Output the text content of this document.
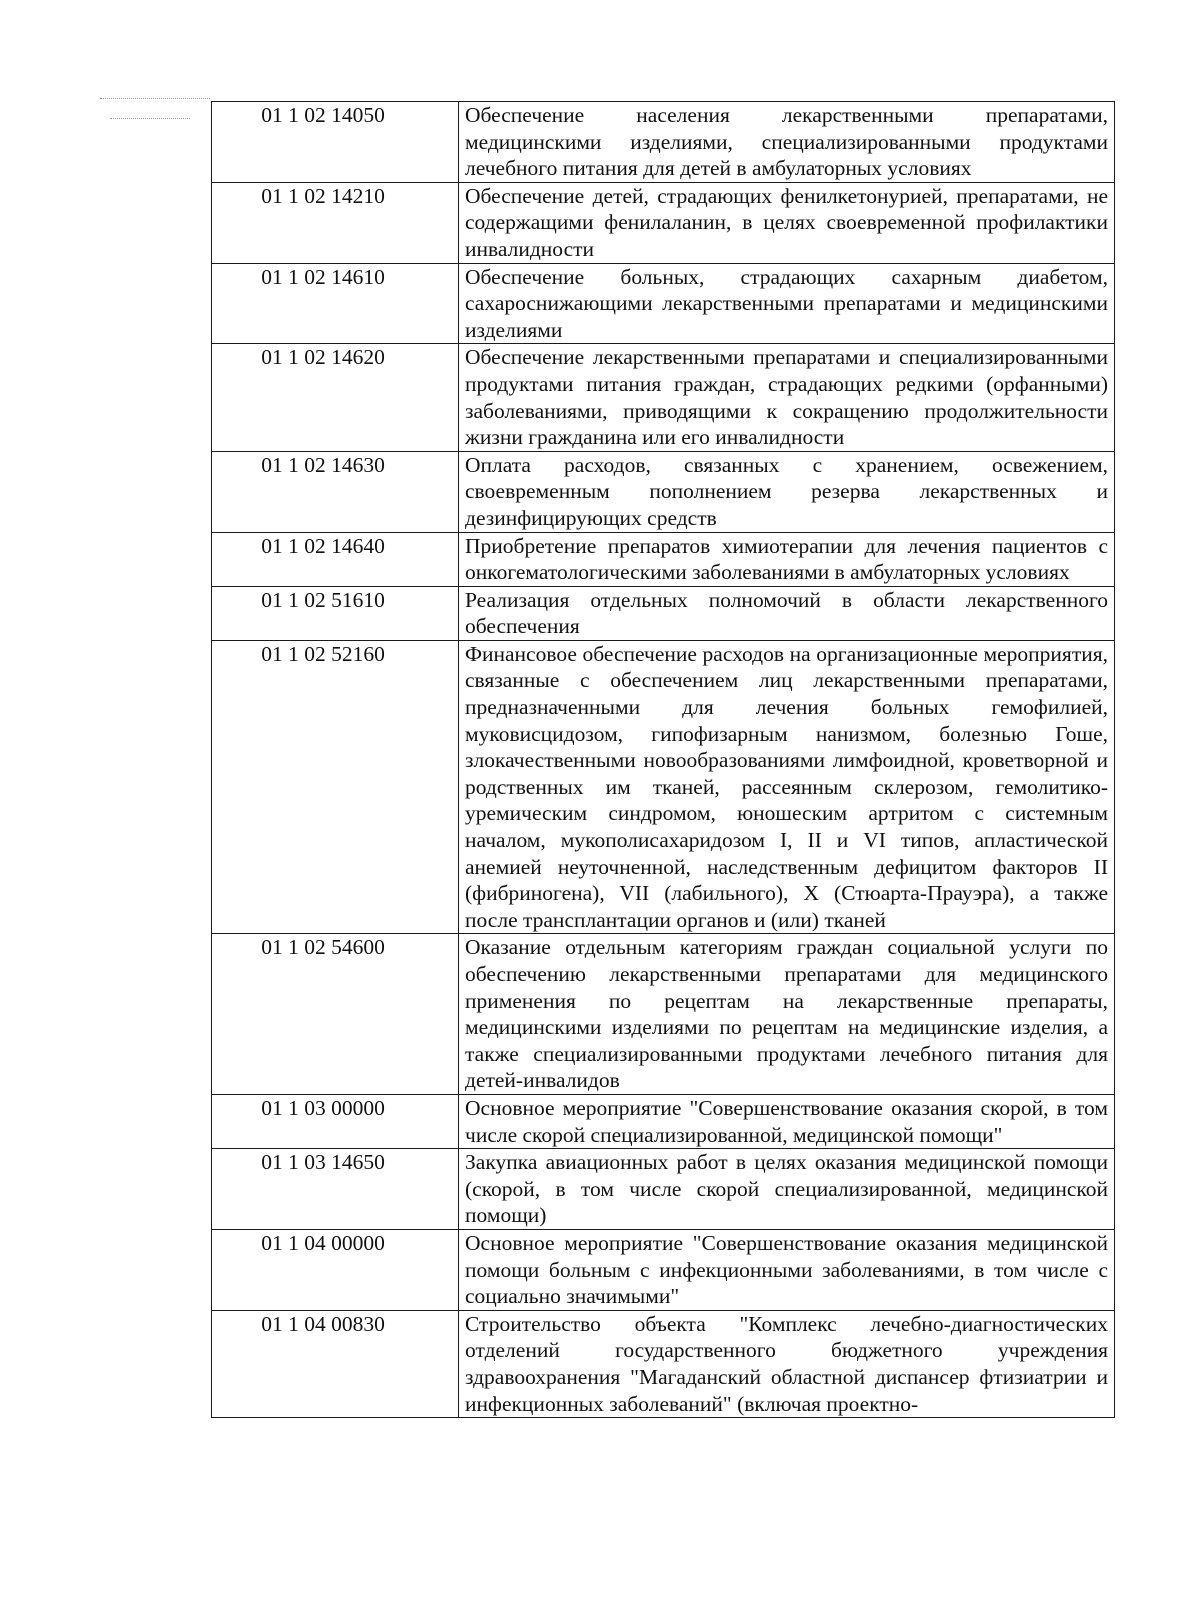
01 1 02 14050	Обеспечение населения лекарственными препаратами, медицинскими изделиями, специализированными продуктами лечебного питания для детей в амбулаторных условиях
01 1 02 14210	Обеспечение детей, страдающих фенилкетонурией, препаратами, не содержащими фенилаланин, в целях своевременной профилактики инвалидности
01 1 02 14610	Обеспечение больных, страдающих сахарным диабетом, сахароснижающими лекарственными препаратами и медицинскими изделиями
01 1 02 14620	Обеспечение лекарственными препаратами и специализированными продуктами питания граждан, страдающих редкими (орфанными) заболеваниями, приводящими к сокращению продолжительности жизни гражданина или его инвалидности
01 1 02 14630	Оплата расходов, связанных с хранением, освежением, своевременным пополнением резерва лекарственных и дезинфицирующих средств
01 1 02 14640	Приобретение препаратов химиотерапии для лечения пациентов с онкогематологическими заболеваниями в амбулаторных условиях
01 1 02 51610	Реализация отдельных полномочий в области лекарственного обеспечения
01 1 02 52160	Финансовое обеспечение расходов на организационные мероприятия, связанные с обеспечением лиц лекарственными препаратами, предназначенными для лечения больных гемофилией, муковисцидозом, гипофизарным нанизмом, болезнью Гоше, злокачественными новообразованиями лимфоидной, кроветворной и родственных им тканей, рассеянным склерозом, гемолитико-уремическим синдромом, юношеским артритом с системным началом, мукополисахаридозом I, II и VI типов, апластической анемией неуточненной, наследственным дефицитом факторов II (фибриногена), VII (лабильного), X (Стюарта-Прауэра), а также после трансплантации органов и (или) тканей
01 1 02 54600	Оказание отдельным категориям граждан социальной услуги по обеспечению лекарственными препаратами для медицинского применения по рецептам на лекарственные препараты, медицинскими изделиями по рецептам на медицинские изделия, а также специализированными продуктами лечебного питания для детей-инвалидов
01 1 03 00000	Основное мероприятие "Совершенствование оказания скорой, в том числе скорой специализированной, медицинской помощи"
01 1 03 14650	Закупка авиационных работ в целях оказания медицинской помощи (скорой, в том числе скорой специализированной, медицинской помощи)
01 1 04 00000	Основное мероприятие "Совершенствование оказания медицинской помощи больным с инфекционными заболеваниями, в том числе с социально значимыми"
01 1 04 00830	Строительство объекта "Комплекс лечебно-диагностических отделений государственного бюджетного учреждения здравоохранения "Магаданский областной диспансер фтизиатрии и инфекционных заболеваний" (включая проектно-
